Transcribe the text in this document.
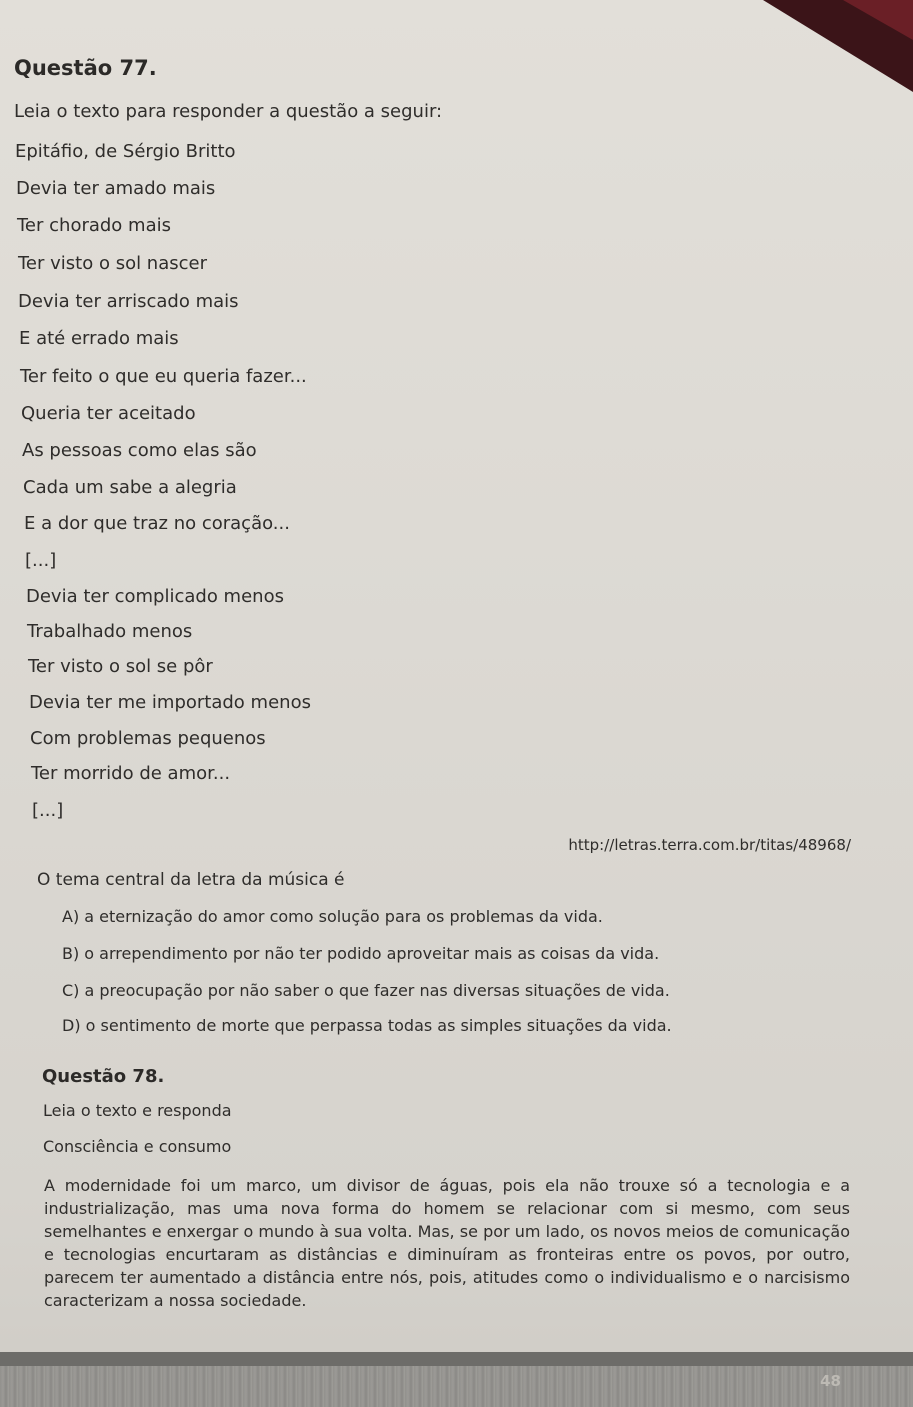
Questão 77.

Leia o texto para responder a questão a seguir:

Epitáfio, de Sérgio Britto

Devia ter amado mais

Ter chorado mais

Ter visto o sol nascer

Devia ter arriscado mais

E até errado mais

Ter feito o que eu queria fazer...

Queria ter aceitado

As pessoas como elas são

Cada um sabe a alegria

E a dor que traz no coração...

[...]

Devia ter complicado menos

Trabalhado menos

Ter visto o sol se pôr

Devia ter me importado menos

Com problemas pequenos

Ter morrido de amor...

[...]

http://letras.terra.com.br/titas/48968/

O tema central da letra da música é

A) a eternização do amor como solução para os problemas da vida.

B) o arrependimento por não ter podido aproveitar mais as coisas da vida.

C) a preocupação por não saber o que fazer nas diversas situações de vida.

D) o sentimento de morte que perpassa todas as simples situações da vida.

Questão 78.

Leia o texto e responda

Consciência e consumo

A modernidade foi um marco, um divisor de águas, pois ela não trouxe só a tecnologia e a industrialização, mas uma nova forma do homem se relacionar com si mesmo, com seus semelhantes e enxergar o mundo à sua volta. Mas, se por um lado, os novos meios de comunicação e tecnologias encurtaram as distâncias e diminuíram as fronteiras entre os povos, por outro, parecem ter aumentado a distância entre nós, pois, atitudes como o individualismo e o narcisismo caracterizam a nossa sociedade.

48
